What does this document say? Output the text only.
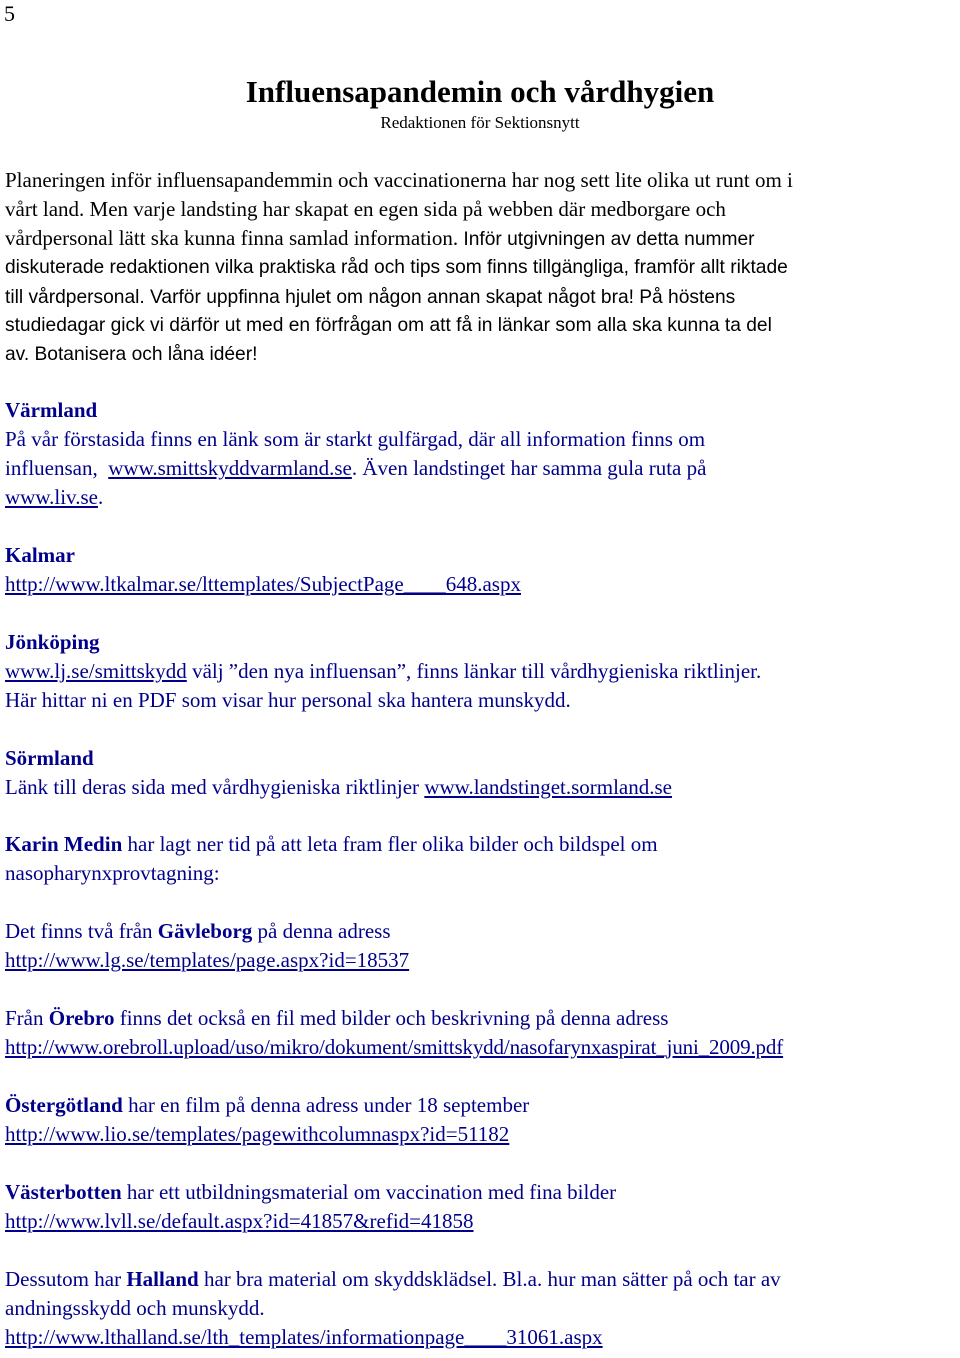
5
Influensapandemin och vårdhygien
Redaktionen för Sektionsnytt
Planeringen inför influensapandemmin och vaccinationerna har nog sett lite olika ut runt om i
vårt land. Men varje landsting har skapat en egen sida på webben där medborgare och
vårdpersonal lätt ska kunna finna samlad information. Inför utgivningen av detta nummer
diskuterade redaktionen vilka praktiska råd och tips som finns tillgängliga, framför allt riktade
till vårdpersonal. Varför uppfinna hjulet om någon annan skapat något bra! På höstens
studiedagar gick vi därför ut med en förfrågan om att få in länkar som alla ska kunna ta del
av. Botanisera och låna idéer!
Värmland
På vår förstasida finns en länk som är starkt gulfärgad, där all information finns om
influensan,  www.smittskyddvarmland.se. Även landstinget har samma gula ruta på
www.liv.se.
Kalmar
http://www.ltkalmar.se/lttemplates/SubjectPage____648.aspx
Jönköping
www.lj.se/smittskydd välj ”den nya influensan”, finns länkar till vårdhygieniska riktlinjer.
Här hittar ni en PDF som visar hur personal ska hantera munskydd.
Sörmland
Länk till deras sida med vårdhygieniska riktlinjer www.landstinget.sormland.se
Karin Medin har lagt ner tid på att leta fram fler olika bilder och bildspel om
nasopharynxprovtagning:
Det finns två från Gävleborg på denna adress
http://www.lg.se/templates/page.aspx?id=18537
Från Örebro finns det också en fil med bilder och beskrivning på denna adress
http://www.orebroll.upload/uso/mikro/dokument/smittskydd/nasofarynxaspirat_juni_2009.pdf
Östergötland har en film på denna adress under 18 september
http://www.lio.se/templates/pagewithcolumnaspx?id=51182
Västerbotten har ett utbildningsmaterial om vaccination med fina bilder
http://www.lvll.se/default.aspx?id=41857&refid=41858
Dessutom har Halland har bra material om skyddsklädsel. Bl.a. hur man sätter på och tar av
andningsskydd och munskydd.
http://www.lthalland.se/lth_templates/informationpage____31061.aspx
